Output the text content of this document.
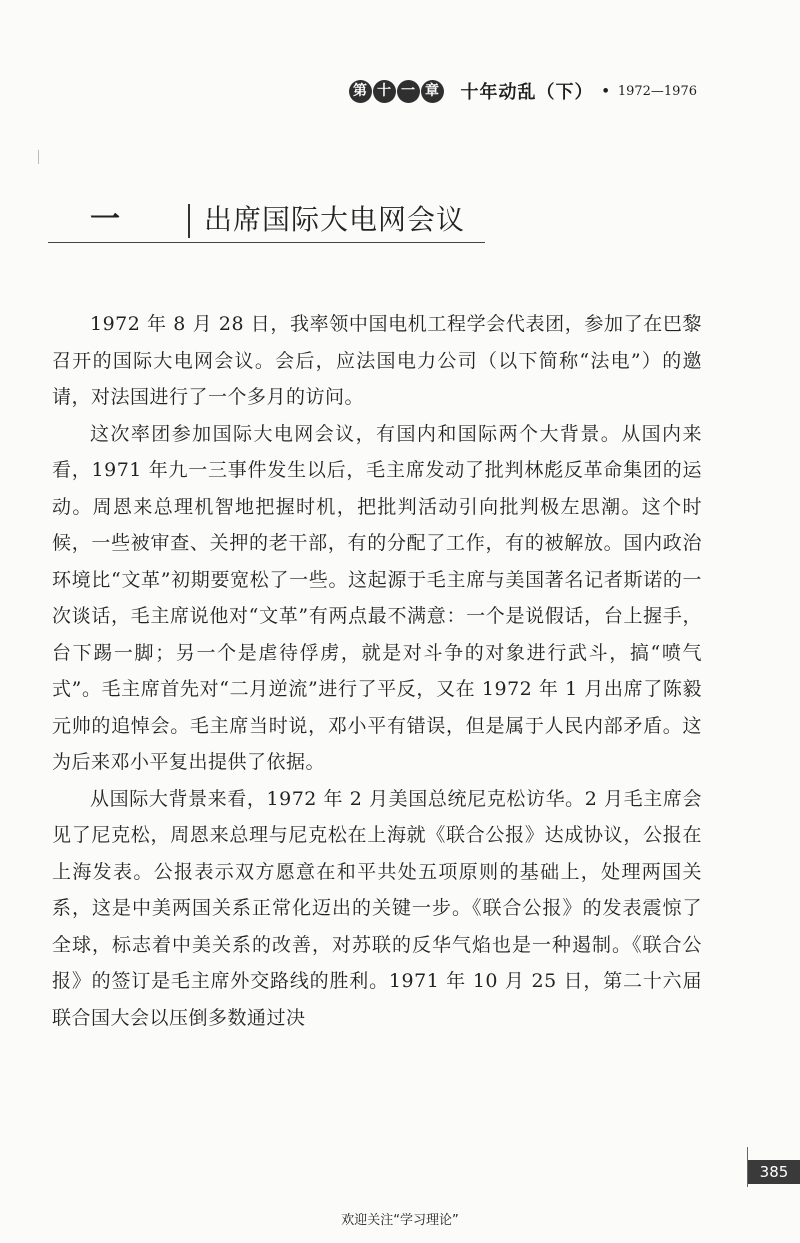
第 十 一 章 十年动乱（下） • 1972—1976
一	出席国际大电网会议

1972 年 8 月 28 日，我率领中国电机工程学会代表团，参加了在巴黎召开的国际大电网会议。会后，应法国电力公司（以下简称“法电”）的邀请，对法国进行了一个多月的访问。

这次率团参加国际大电网会议，有国内和国际两个大背景。从国内来看，1971 年九一三事件发生以后，毛主席发动了批判林彪反革命集团的运动。周恩来总理机智地把握时机，把批判活动引向批判极左思潮。这个时候，一些被审查、关押的老干部，有的分配了工作，有的被解放。国内政治环境比“文革”初期要宽松了一些。这起源于毛主席与美国著名记者斯诺的一次谈话，毛主席说他对“文革”有两点最不满意：一个是说假话，台上握手，台下踢一脚；另一个是虐待俘虏，就是对斗争的对象进行武斗，搞“喷气式”。毛主席首先对“二月逆流”进行了平反，又在 1972 年 1 月出席了陈毅元帅的追悼会。毛主席当时说，邓小平有错误，但是属于人民内部矛盾。这为后来邓小平复出提供了依据。

从国际大背景来看，1972 年 2 月美国总统尼克松访华。2 月毛主席会见了尼克松，周恩来总理与尼克松在上海就《联合公报》达成协议，公报在上海发表。公报表示双方愿意在和平共处五项原则的基础上，处理两国关系，这是中美两国关系正常化迈出的关键一步。《联合公报》的发表震惊了全球，标志着中美关系的改善，对苏联的反华气焰也是一种遏制。《联合公报》的签订是毛主席外交路线的胜利。1971 年 10 月 25 日，第二十六届联合国大会以压倒多数通过决

385
欢迎关注“学习理论”
